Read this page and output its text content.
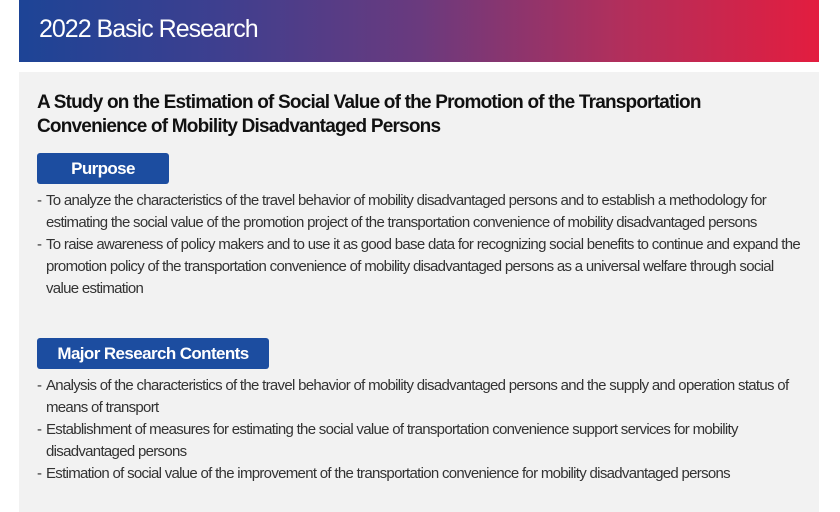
2022 Basic Research
A Study on the Estimation of Social Value of the Promotion of the Transportation
Convenience of Mobility Disadvantaged Persons
Purpose
- To analyze the characteristics of the travel behavior of mobility disadvantaged persons and to establish a methodology for estimating the social value of the promotion project of the transportation convenience of mobility disadvantaged persons
- To raise awareness of policy makers and to use it as good base data for recognizing social benefits to continue and expand the promotion policy of the transportation convenience of mobility disadvantaged persons as a universal welfare through social value estimation
Major Research Contents
- Analysis of the characteristics of the travel behavior of mobility disadvantaged persons and the supply and operation status of means of transport
- Establishment of measures for estimating the social value of transportation convenience support services for mobility disadvantaged persons
- Estimation of social value of the improvement of the transportation convenience for mobility disadvantaged persons
